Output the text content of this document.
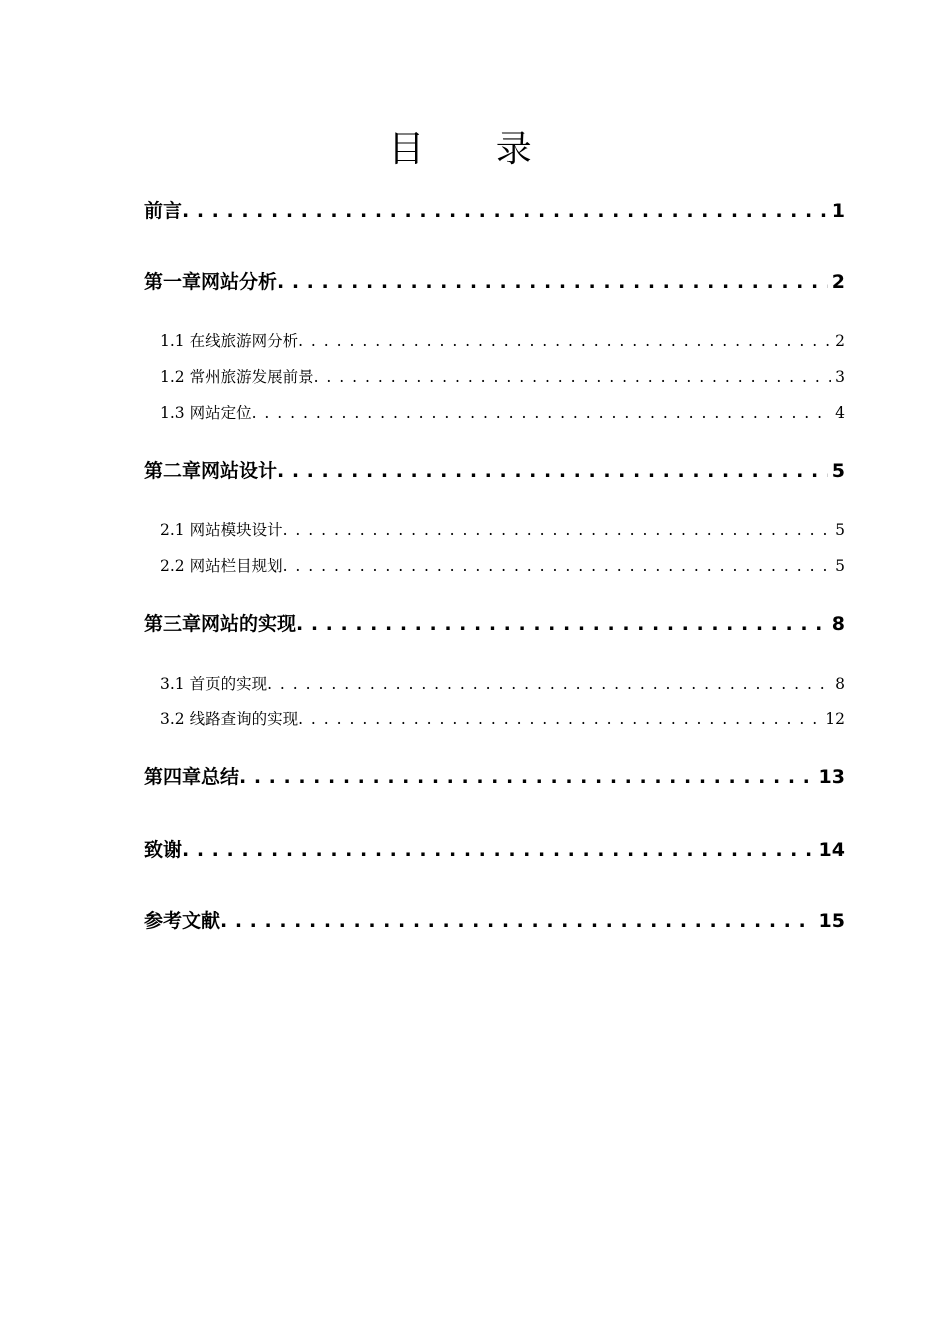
目 录
前言 . . .	1
第一章网站分析 . . .	2
1.1 在线旅游网分析 . . .	2
1.2 常州旅游发展前景 . . .	3
1.3 网站定位 . . .	4
第二章网站设计 . . .	5
2.1 网站模块设计 . . .	5
2.2 网站栏目规划 . . .	5
第三章网站的实现 . . .	8
3.1 首页的实现 . . .	8
3.2 线路查询的实现 . . .	12
第四章总结 . . .	13
致谢 . . .	14
参考文献 . . .	15
